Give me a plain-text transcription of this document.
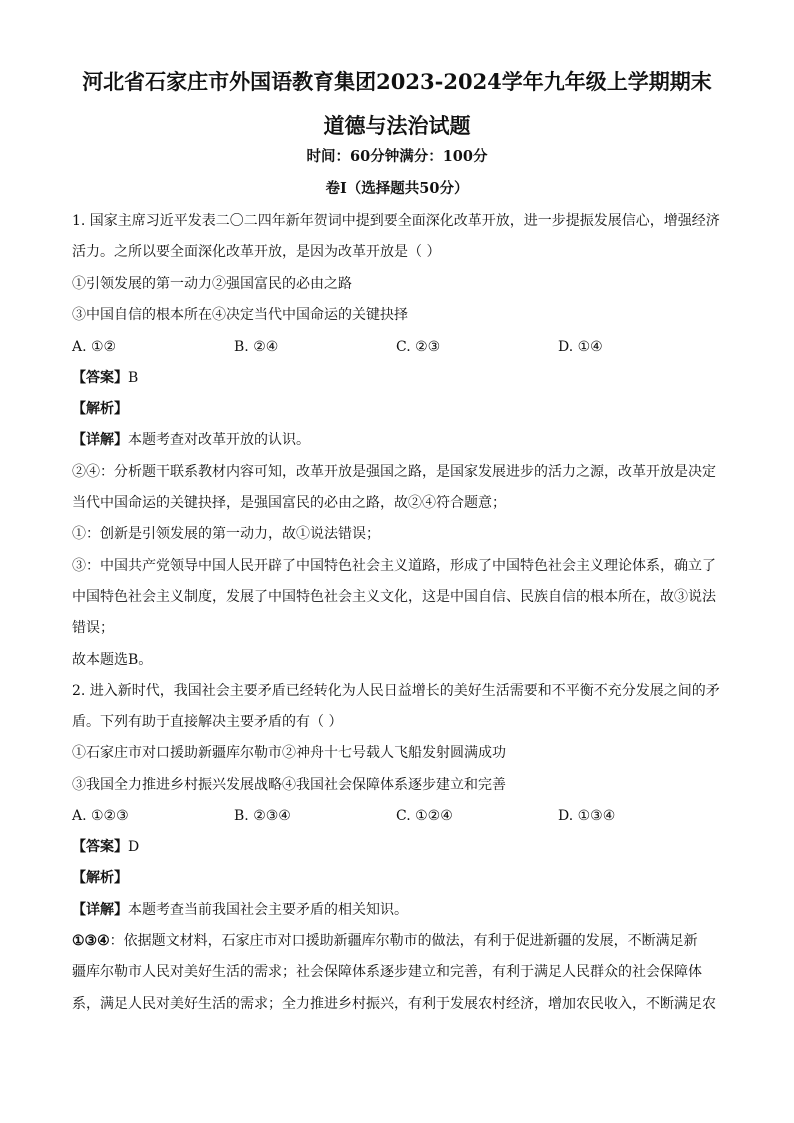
河北省石家庄市外国语教育集团2023-2024学年九年级上学期期末
道德与法治试题
时间：60分钟满分：100分
卷Ⅰ（选择题共50分）
1. 国家主席习近平发表二〇二四年新年贺词中提到要全面深化改革开放，进一步提振发展信心，增强经济
活力。之所以要全面深化改革开放，是因为改革开放是（ ）
①引领发展的第一动力②强国富民的必由之路
③中国自信的根本所在④决定当代中国命运的关键抉择
A. ①②	B. ②④	C. ②③	D. ①④
【答案】B
【解析】
【详解】本题考查对改革开放的认识。
②④：分析题干联系教材内容可知，改革开放是强国之路，是国家发展进步的活力之源，改革开放是决定
当代中国命运的关键抉择，是强国富民的必由之路，故②④符合题意；
①：创新是引领发展的第一动力，故①说法错误；
③：中国共产党领导中国人民开辟了中国特色社会主义道路，形成了中国特色社会主义理论体系，确立了
中国特色社会主义制度，发展了中国特色社会主义文化，这是中国自信、民族自信的根本所在，故③说法
错误；
故本题选B。
2. 进入新时代，我国社会主要矛盾已经转化为人民日益增长的美好生活需要和不平衡不充分发展之间的矛
盾。下列有助于直接解决主要矛盾的有（ ）
①石家庄市对口援助新疆库尔勒市②神舟十七号载人飞船发射圆满成功
③我国全力推进乡村振兴发展战略④我国社会保障体系逐步建立和完善
A. ①②③	B. ②③④	C. ①②④	D. ①③④
【答案】D
【解析】
【详解】本题考查当前我国社会主要矛盾的相关知识。
①③④：依据题文材料，石家庄市对口援助新疆库尔勒市的做法，有利于促进新疆的发展，不断满足新
疆库尔勒市人民对美好生活的需求；社会保障体系逐步建立和完善，有利于满足人民群众的社会保障体
系，满足人民对美好生活的需求；全力推进乡村振兴，有利于发展农村经济，增加农民收入，不断满足农
